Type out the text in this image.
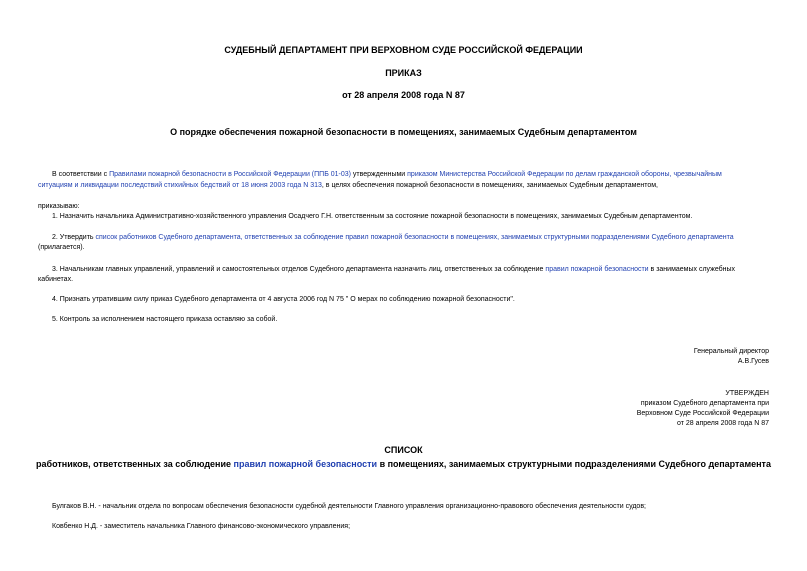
СУДЕБНЫЙ ДЕПАРТАМЕНТ ПРИ ВЕРХОВНОМ СУДЕ РОССИЙСКОЙ ФЕДЕРАЦИИ
ПРИКАЗ
от 28 апреля 2008 года N 87
О порядке обеспечения пожарной безопасности в помещениях, занимаемых Судебным департаментом
В соответствии с Правилами пожарной безопасности в Российской Федерации (ППБ 01-03) утвержденными приказом Министерства Российской Федерации по делам гражданской обороны, чрезвычайным
ситуациям и ликвидации последствий стихийных бедствий от 18 июня 2003 года N 313, в целях обеспечения пожарной безопасности в помещениях, занимаемых Судебным департаментом,
приказываю:
1. Назначить начальника Административно-хозяйственного управления Осадчего Г.Н. ответственным за состояние пожарной безопасности в помещениях, занимаемых Судебным департаментом.
2. Утвердить список работников Судебного департамента, ответственных за соблюдение правил пожарной безопасности в помещениях, занимаемых структурными подразделениями Судебного департамента
(прилагается).
3. Начальникам главных управлений, управлений и самостоятельных отделов Судебного департамента назначить лиц, ответственных за соблюдение правил пожарной безопасности в занимаемых служебных
кабинетах.
4. Признать утратившим силу приказ Судебного департамента от 4 августа 2006 год N 75 " О мерах по соблюдению пожарной безопасности".
5. Контроль за исполнением настоящего приказа оставляю за собой.
Генеральный директор
А.В.Гусев
УТВЕРЖДЕН
приказом Судебного департамента при
Верховном Суде Российской Федерации
от 28 апреля 2008 года N 87
СПИСОК
работников, ответственных за соблюдение правил пожарной безопасности в помещениях, занимаемых структурными подразделениями Судебного департамента
Булгаков В.Н. - начальник отдела по вопросам обеспечения безопасности судебной деятельности Главного управления организационно-правового обеспечения деятельности судов;
Ковбенко Н.Д. - заместитель начальника Главного финансово-экономического управления;
